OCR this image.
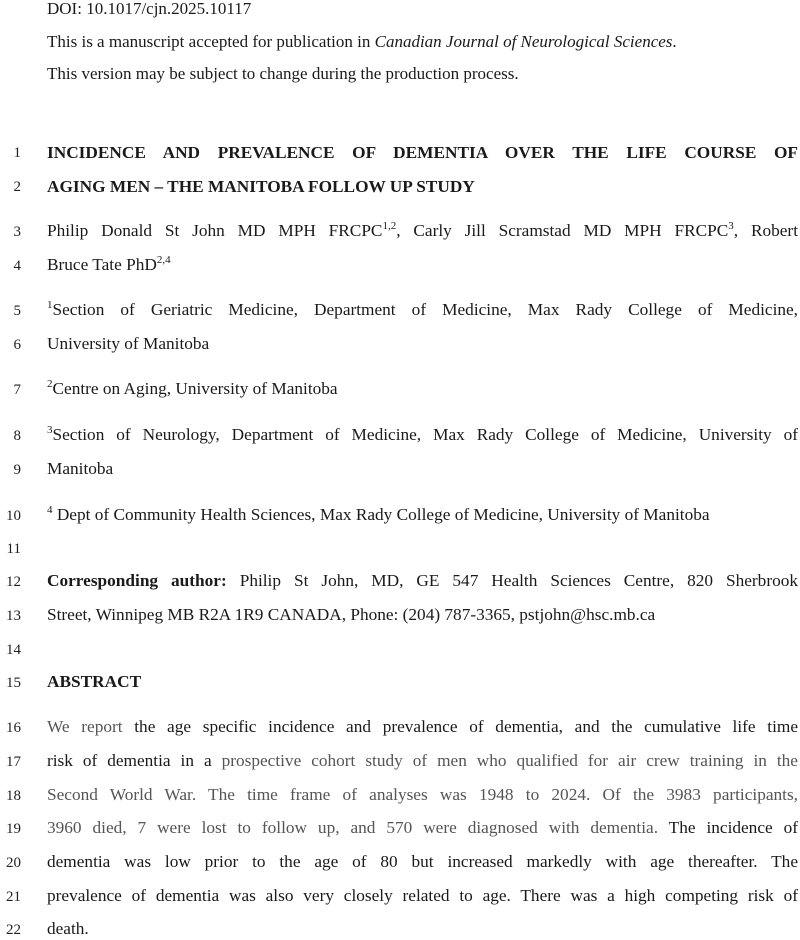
DOI: 10.1017/cjn.2025.10117
This is a manuscript accepted for publication in Canadian Journal of Neurological Sciences.
This version may be subject to change during the production process.
1
2
3
4
5
6
7
8
9
10
11
12
13
14
15
16
17
18
19
20
21
22
INCIDENCE AND PREVALENCE OF DEMENTIA OVER THE LIFE COURSE OF
AGING MEN – THE MANITOBA FOLLOW UP STUDY
Philip Donald St John MD MPH FRCPC$^{1,2}$, Carly Jill Scramstad MD MPH FRCPC$^3$, Robert
Bruce Tate PhD$^{2,4}$
$^1$Section of Geriatric Medicine, Department of Medicine, Max Rady College of Medicine,
University of Manitoba
$^2$Centre on Aging, University of Manitoba
$^3$Section of Neurology, Department of Medicine, Max Rady College of Medicine, University of
Manitoba
$^4$ Dept of Community Health Sciences, Max Rady College of Medicine, University of Manitoba
Corresponding author: Philip St John, MD, GE 547 Health Sciences Centre, 820 Sherbrook
Street, Winnipeg MB R2A 1R9 CANADA, Phone: (204) 787-3365, pstjohn@hsc.mb.ca
ABSTRACT
We report the age specific incidence and prevalence of dementia, and the cumulative life time
risk of dementia in a prospective cohort study of men who qualified for air crew training in the
Second World War. The time frame of analyses was 1948 to 2024. Of the 3983 participants,
3960 died, 7 were lost to follow up, and 570 were diagnosed with dementia. The incidence of
dementia was low prior to the age of 80 but increased markedly with age thereafter. The
prevalence of dementia was also very closely related to age. There was a high competing risk of
death.
